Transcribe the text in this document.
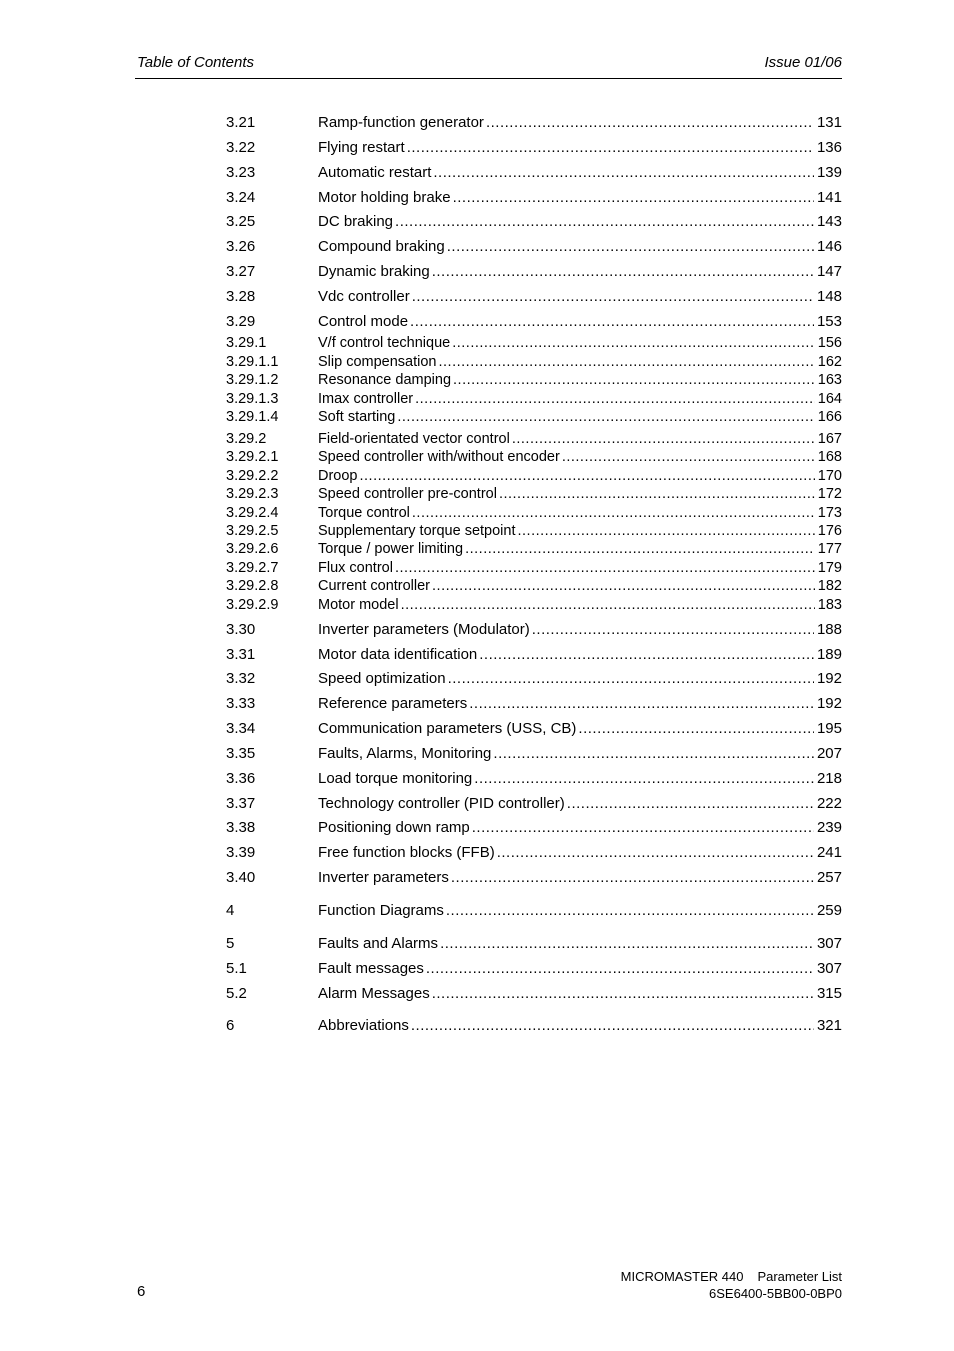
Table of Contents	Issue 01/06
3.21	Ramp-function generator .....	131
3.22	Flying restart .....	136
3.23	Automatic restart .....	139
3.24	Motor holding brake .....	141
3.25	DC braking .....	143
3.26	Compound braking .....	146
3.27	Dynamic braking .....	147
3.28	Vdc controller .....	148
3.29	Control mode .....	153
3.29.1	V/f control technique .....	156
3.29.1.1	Slip compensation .....	162
3.29.1.2	Resonance damping .....	163
3.29.1.3	Imax controller .....	164
3.29.1.4	Soft starting .....	166
3.29.2	Field-orientated vector control .....	167
3.29.2.1	Speed controller with/without encoder .....	168
3.29.2.2	Droop .....	170
3.29.2.3	Speed controller pre-control .....	172
3.29.2.4	Torque control .....	173
3.29.2.5	Supplementary torque setpoint .....	176
3.29.2.6	Torque / power limiting .....	177
3.29.2.7	Flux control .....	179
3.29.2.8	Current controller .....	182
3.29.2.9	Motor model .....	183
3.30	Inverter parameters (Modulator) .....	188
3.31	Motor data identification .....	189
3.32	Speed optimization .....	192
3.33	Reference parameters .....	192
3.34	Communication parameters (USS, CB) .....	195
3.35	Faults, Alarms, Monitoring .....	207
3.36	Load torque monitoring .....	218
3.37	Technology controller (PID controller) .....	222
3.38	Positioning down ramp .....	239
3.39	Free function blocks (FFB) .....	241
3.40	Inverter parameters .....	257
4	Function Diagrams .....	259
5	Faults and Alarms .....	307
5.1	Fault messages .....	307
5.2	Alarm Messages .....	315
6	Abbreviations .....	321
6
MICROMASTER 440 Parameter List
6SE6400-5BB00-0BP0
